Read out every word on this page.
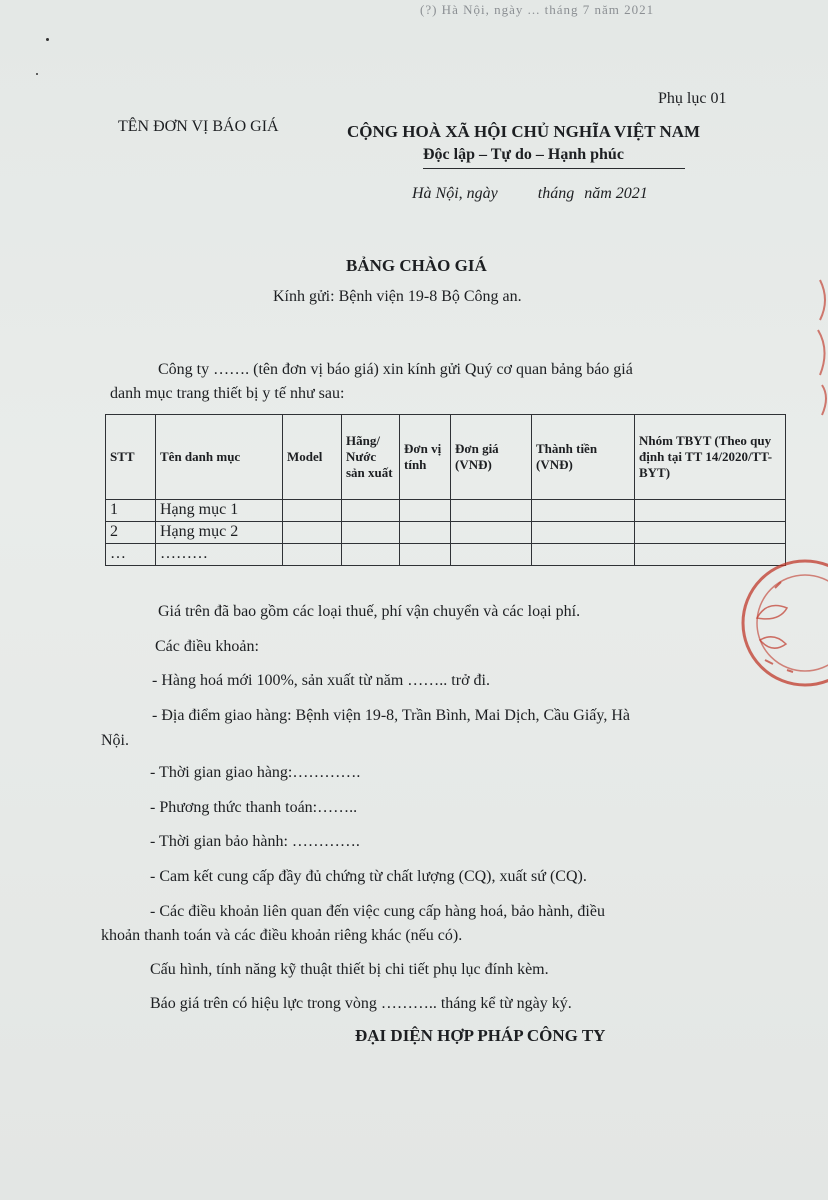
(?) Hà Nội, ngày ... tháng 7 năm 2021
Phụ lục 01
TÊN ĐƠN VỊ BÁO GIÁ	CỘNG HOÀ XÃ HỘI CHỦ NGHĨA VIỆT NAM
Độc lập – Tự do – Hạnh phúc
Hà Nội, ngày	tháng năm 2021
BẢNG CHÀO GIÁ
Kính gửi: Bệnh viện 19-8 Bộ Công an.
Công ty ……. (tên đơn vị báo giá) xin kính gửi Quý cơ quan bảng báo giá
danh mục trang thiết bị y tế như sau:
STT	Tên danh mục	Model	Hãng/ Nước sản xuất	Đơn vị tính	Đơn giá (VNĐ)	Thành tiền (VNĐ)	Nhóm TBYT (Theo quy định tại TT 14/2020/TT-BYT)
1	Hạng mục 1						
2	Hạng mục 2						
…	………						
Giá trên đã bao gồm các loại thuế, phí vận chuyển và các loại phí.
Các điều khoản:
- Hàng hoá mới 100%, sản xuất từ năm …….. trở đi.
- Địa điểm giao hàng: Bệnh viện 19-8, Trần Bình, Mai Dịch, Cầu Giấy, Hà
Nội.
- Thời gian giao hàng:………….
- Phương thức thanh toán:……..
- Thời gian bảo hành: ………….
- Cam kết cung cấp đầy đủ chứng từ chất lượng (CQ), xuất sứ (CQ).
- Các điều khoản liên quan đến việc cung cấp hàng hoá, bảo hành, điều
khoản thanh toán và các điều khoản riêng khác (nếu có).
Cấu hình, tính năng kỹ thuật thiết bị chi tiết phụ lục đính kèm.
Báo giá trên có hiệu lực trong vòng ……….. tháng kể từ ngày ký.
ĐẠI DIỆN HỢP PHÁP CÔNG TY
